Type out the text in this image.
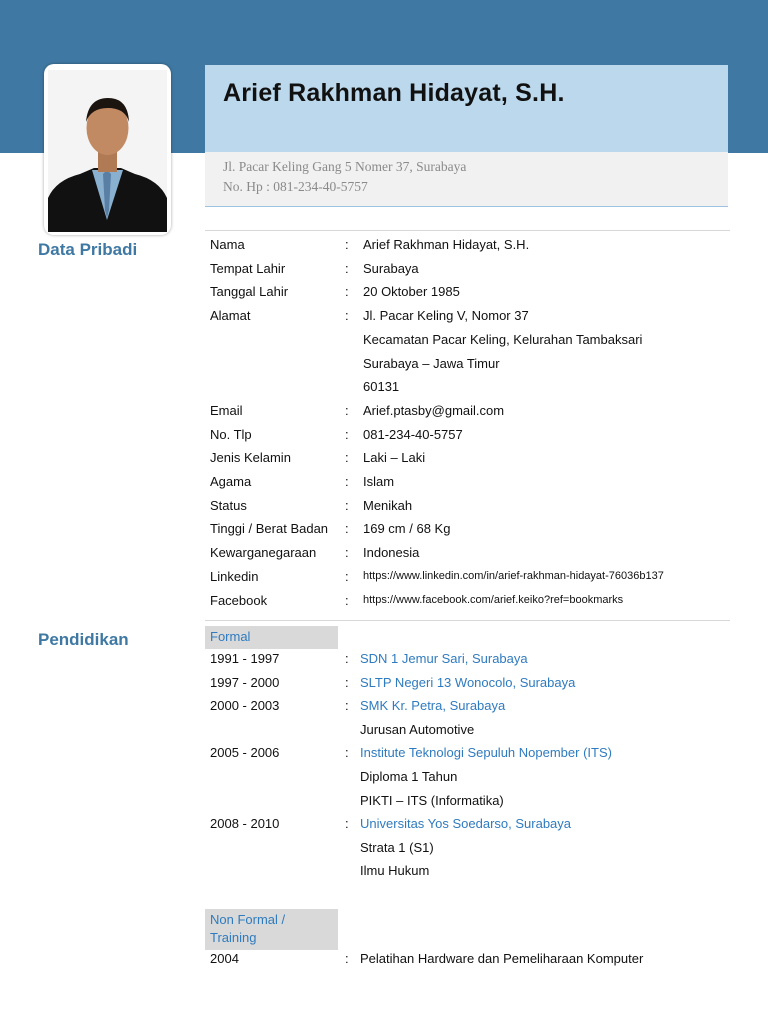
Arief Rakhman Hidayat, S.H.
Jl. Pacar Keling Gang 5 Nomer 37, Surabaya
No. Hp : 081-234-40-5757
Data Pribadi	Nama	: Arief Rakhman Hidayat, S.H.
Tempat Lahir	: Surabaya
Tanggal Lahir	: 20 Oktober 1985
Alamat	: Jl. Pacar Keling V, Nomor 37
Kecamatan Pacar Keling, Kelurahan Tambaksari
Surabaya – Jawa Timur
60131
Email	: Arief.ptasby@gmail.com
No. Tlp	: 081-234-40-5757
Jenis Kelamin	: Laki – Laki
Agama	: Islam
Status	: Menikah
Tinggi / Berat Badan : 169 cm / 68 Kg
Kewarganegaraan : Indonesia
Linkedin	: https://www.linkedin.com/in/arief-rakhman-hidayat-76036b137
Facebook	: https://www.facebook.com/arief.keiko?ref=bookmarks
Pendidikan	Formal
1991 - 1997	: SDN 1 Jemur Sari, Surabaya
1997 - 2000	: SLTP Negeri 13 Wonocolo, Surabaya
2000 - 2003	: SMK Kr. Petra, Surabaya
Jurusan Automotive
2005 - 2006	: Institute Teknologi Sepuluh Nopember (ITS)
Diploma 1 Tahun
PIKTI – ITS (Informatika)
2008 - 2010	: Universitas Yos Soedarso, Surabaya
Strata 1 (S1)
Ilmu Hukum
Non Formal /
Training
2004	: Pelatihan Hardware dan Pemeliharaan Komputer
